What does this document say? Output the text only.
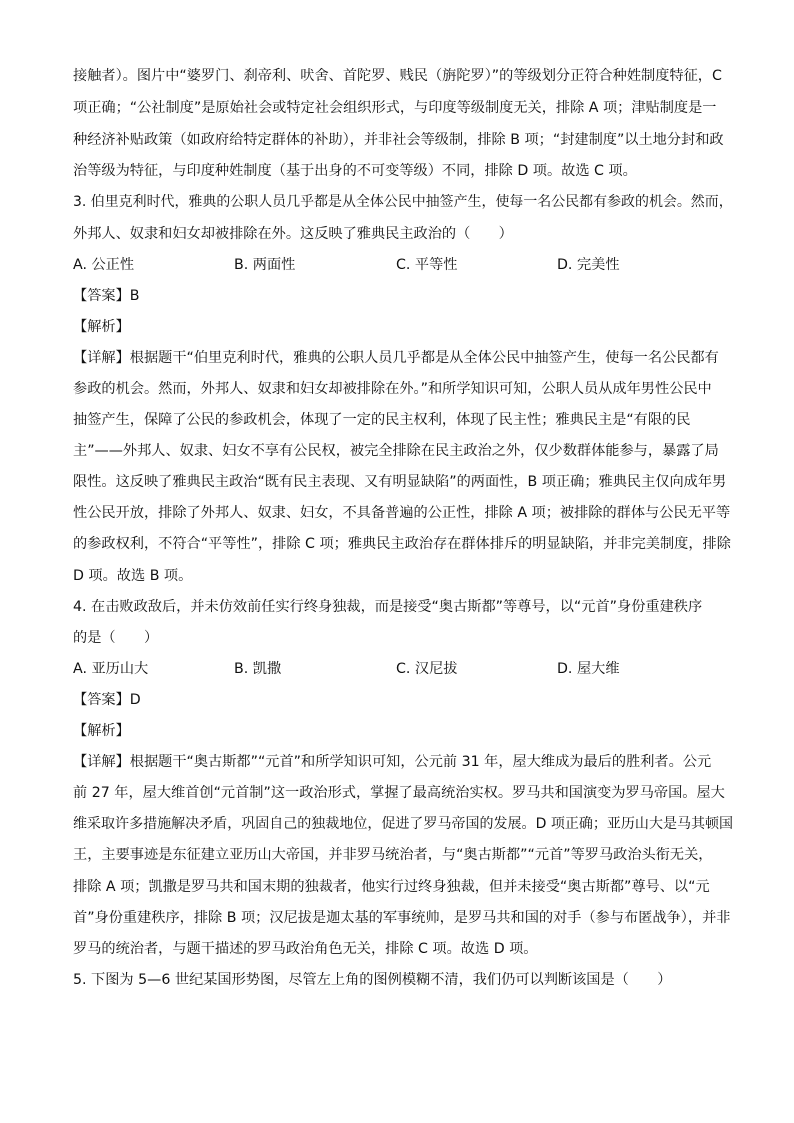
接触者）。图片中“婆罗门、刹帝利、吠舍、首陀罗、贱民（旃陀罗）”的等级划分正符合种姓制度特征，C
项正确；“公社制度”是原始社会或特定社会组织形式，与印度等级制度无关，排除 A 项；津贴制度是一
种经济补贴政策（如政府给特定群体的补助），并非社会等级制，排除 B 项；“封建制度”以土地分封和政
治等级为特征，与印度种姓制度（基于出身的不可变等级）不同，排除 D 项。故选 C 项。
3. 伯里克利时代，雅典的公职人员几乎都是从全体公民中抽签产生，使每一名公民都有参政的机会。然而，
外邦人、奴隶和妇女却被排除在外。这反映了雅典民主政治的（　　）
A. 公正性	B. 两面性	C. 平等性	D. 完美性
【答案】B
【解析】
【详解】根据题干“伯里克利时代，雅典的公职人员几乎都是从全体公民中抽签产生，使每一名公民都有
参政的机会。然而，外邦人、奴隶和妇女却被排除在外。”和所学知识可知，公职人员从成年男性公民中
抽签产生，保障了公民的参政机会，体现了一定的民主权利，体现了民主性；雅典民主是“有限的民
主”——外邦人、奴隶、妇女不享有公民权，被完全排除在民主政治之外，仅少数群体能参与，暴露了局
限性。这反映了雅典民主政治“既有民主表现、又有明显缺陷”的两面性，B 项正确；雅典民主仅向成年男
性公民开放，排除了外邦人、奴隶、妇女，不具备普遍的公正性，排除 A 项；被排除的群体与公民无平等
的参政权利，不符合“平等性”，排除 C 项；雅典民主政治存在群体排斥的明显缺陷，并非完美制度，排除
D 项。故选 B 项。
4. 在击败政敌后，并未仿效前任实行终身独裁，而是接受“奥古斯都”等尊号，以“元首”身份重建秩序
的是（　　）
A. 亚历山大	B. 凯撒	C. 汉尼拔	D. 屋大维
【答案】D
【解析】
【详解】根据题干“奥古斯都”“元首”和所学知识可知，公元前 31 年，屋大维成为最后的胜利者。公元
前 27 年，屋大维首创“元首制”这一政治形式，掌握了最高统治实权。罗马共和国演变为罗马帝国。屋大
维采取许多措施解决矛盾，巩固自己的独裁地位，促进了罗马帝国的发展。D 项正确；亚历山大是马其顿国
王，主要事迹是东征建立亚历山大帝国，并非罗马统治者，与“奥古斯都”“元首”等罗马政治头衔无关，
排除 A 项；凯撒是罗马共和国末期的独裁者，他实行过终身独裁，但并未接受“奥古斯都”尊号、以“元
首”身份重建秩序，排除 B 项；汉尼拔是迦太基的军事统帅，是罗马共和国的对手（参与布匿战争），并非
罗马的统治者，与题干描述的罗马政治角色无关，排除 C 项。故选 D 项。
5. 下图为 5—6 世纪某国形势图，尽管左上角的图例模糊不清，我们仍可以判断该国是（　　）
